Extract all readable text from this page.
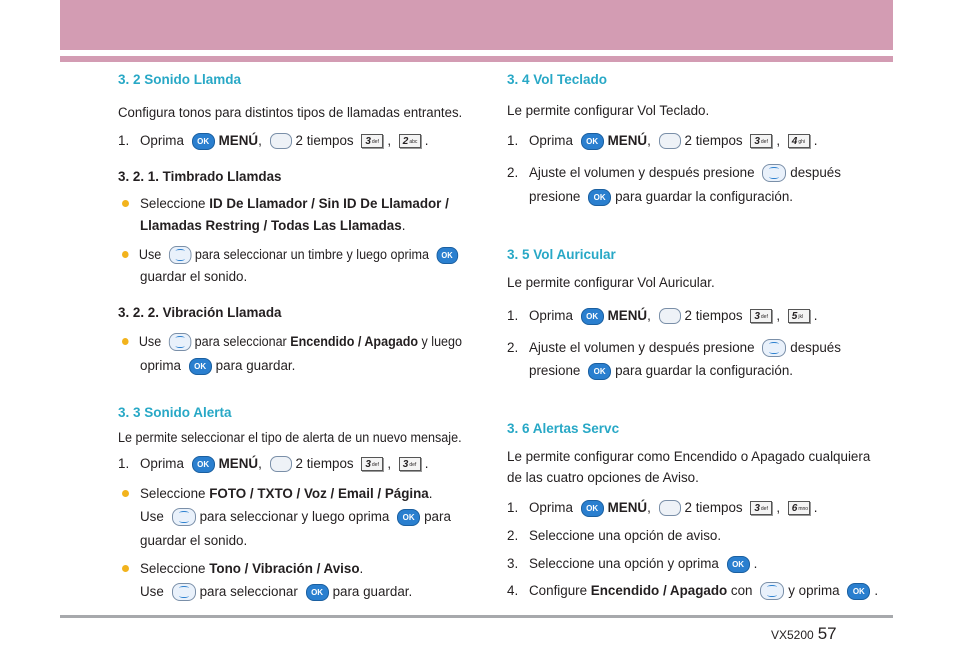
3. 2 Sonido Llamda
Configura tonos para distintos tipos de llamadas entrantes.
1. Oprima OK MENÚ, 2 tiempos $3^{def}$ , $2^{abc}$ .
3. 2. 1. Timbrado Llamdas
Seleccione ID De Llamador / Sin ID De Llamador /
Llamadas Restring / Todas Las Llamadas.
Use	para seleccionar un timbre y luego oprima OK
guardar el sonido.
3. 2. 2. Vibración Llamada
Use para seleccionar Encendido / Apagado y luego
oprima OK para guardar.
3. 3 Sonido Alerta
Le permite seleccionar el tipo de alerta de un nuevo mensaje.
1. Oprima OK MENÚ, 2 tiempos $3^{def}$ , $3^{def}$ .
Seleccione FOTO / TXTO / Voz / Email / Página.
Use	para seleccionar y luego oprima OK para
guardar el sonido.
Seleccione Tono / Vibración / Aviso.
Use	para seleccionar OK para guardar.
3. 4 Vol Teclado
Le permite configurar Vol Teclado.
1. Oprima OK MENÚ, 2 tiempos $3^{def}$ , $4^{ghi}$ .
2. Ajuste el volumen y después presione	después
presione OK para guardar la configuración.
3. 5 Vol Auricular
Le permite configurar Vol Auricular.
1. Oprima OK MENÚ, 2 tiempos $3^{def}$ , $5^{jkl}$ .
2. Ajuste el volumen y después presione	después
presione OK para guardar la configuración.
3. 6 Alertas Servc
Le permite configurar como Encendido o Apagado cualquiera
de las cuatro opciones de Aviso.
1. Oprima OK MENÚ, 2 tiempos $3^{def}$ , $6^{mno}$ .
2. Seleccione una opción de aviso.
3. Seleccione una opción y oprima OK .
4. Configure Encendido / Apagado con	y oprima OK .
VX5200 57
